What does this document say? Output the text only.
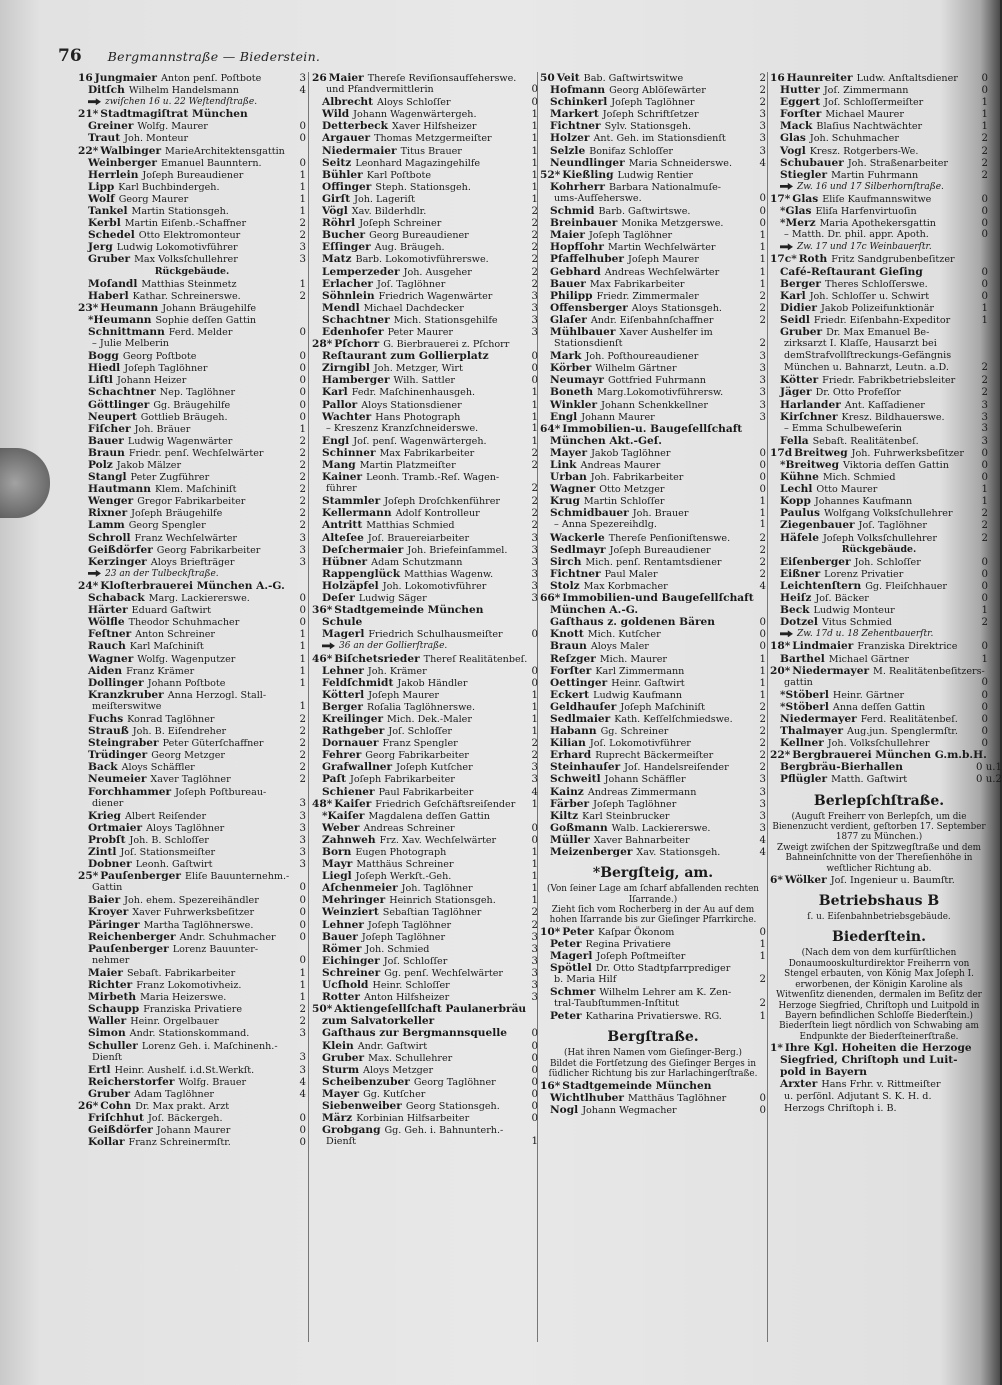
76 Bergmannstraße — Biederstein.
16 Jungmaier Anton penſ. Poſtbote	3
Ditſch Wilhelm Handelsmann	4
zwiſchen 16 u. 22 Weſtendſtraße.
21* Stadtmagiſtrat München
Greiner Wolfg. Maurer	0
Traut Joh. Monteur	0
22* Walbinger MarieArchitektensgattin
Weinberger Emanuel Baunntern.	0
Herrlein Joſeph Bureaudiener	1
Lipp Karl Buchbindergeh.	1
Wolf Georg Maurer	1
Tankel Martin Stationsgeh.	1
Kerbl Martin Eiſenb.-Schaffner	2
Schedel Otto Elektromonteur	2
Jerg Ludwig Lokomotivführer	3
Gruber Max Volksſchullehrer	3
Rückgebäude.
Moſandl Matthias Steinmetz	1
Haberl Kathar. Schreinerswe.	2
23* Heumann Johann Bräugehilfe
*Heumann Sophie deſſen Gattin
Schnittmann Ferd. Melder	0
– Julie Melberin
Bogg Georg Poſtbote	0
Hiedl Joſeph Taglöhner	0
Liſtl Johann Heizer	0
Schachtner Nep. Taglöhner	0
Göttlinger Gg. Bräugehilfe	0
Neupert Gottlieb Bräugeh.	0
Fiſcher Joh. Bräuer	1
Bauer Ludwig Wagenwärter	2
Braun Friedr. penſ. Wechſelwärter	2
Polz Jakob Mälzer	2
Stangl Peter Zugführer	2
Hautmann Klem. Maſchiniſt	2
Wenger Gregor Fabrikarbeiter	2
Rixner Joſeph Bräugehilfe	2
Lamm Georg Spengler	2
Schroll Franz Wechſelwärter	3
Geißdörfer Georg Fabrikarbeiter	3
Kerzinger Aloys Briefträger	3
23 an der Tulbeckſtraße.
24* Kloſterbrauerei München A.-G.
Schaback Marg. Lackiererswe.	0
Härter Eduard Gaſtwirt	0
Wölfle Theodor Schuhmacher	0
Feſtner Anton Schreiner	1
Rauch Karl Maſchiniſt	1
Wagner Wolfg. Wagenputzer	1
Aiden Franz Krämer	1
Dollinger Johann Poſtbote	1
Kranzkruber Anna Herzogl. Stall-
meiſterswitwe	1
Fuchs Konrad Taglöhner	2
Strauß Joh. B. Eiſendreher	2
Steingraber Peter Güterſchaffner	2
Trüdinger Georg Metzger	2
Back Aloys Schäffler	2
Neumeier Xaver Taglöhner	2
Forchhammer Joſeph Poſtbureau-
diener	3
Krieg Albert Reiſender	3
Ortmaier Aloys Taglöhner	3
Probſt Joh. B. Schloſſer	3
Zintl Joſ. Stationsmeiſter	3
Dobner Leonh. Gaſtwirt	3
25* Pauſenberger Eliſe Bauunternehm.-
Gattin	0
Baier Joh. ehem. Spezereihändler	0
Kroyer Xaver Fuhrwerksbeſitzer	0
Päringer Martha Taglöhnerswe.	0
Reichenberger Andr. Schuhmacher	0
Pauſenberger Lorenz Bauunter-
nehmer	0
Maier Sebaſt. Fabrikarbeiter	1
Richter Franz Lokomotivheiz.	1
Mirbeth Maria Heizerswe.	1
Schaupp Franziska Privatiere	2
Waller Heinr. Orgelbauer	2
Simon Andr. Stationskommand.	3
Schuller Lorenz Geh. i. Maſchinenh.-
Dienſt	3
Ertl Heinr. Aushelf. i.d.St.Werkſt.	3
Reicherstorfer Wolfg. Brauer	4
Gruber Adam Taglöhner	4
26* Cohn Dr. Max prakt. Arzt
Friſchhut Joſ. Bäckergeh.	0
Geißdörfer Johann Maurer	0
Kollar Franz Schreinermſtr.	0
26 Maier Thereſe Reviſionsaufſeherswe.
und Pfandvermittlerin	0
Albrecht Aloys Schloſſer	0
Wild Johann Wagenwärtergeh.	1
Detterbeck Xaver Hilfsheizer	1
Argauer Thomas Metzgermeiſter	1
Niedermaier Titus Brauer	1
Seitz Leonhard Magazingehilfe	1
Bühler Karl Poſtbote	1
Offinger Steph. Stationsgeh.	1
Girſt Joh. Lageriſt	1
Vögl Xav. Bilderhdlr.	2
Röhrl Joſeph Schreiner	2
Bucher Georg Bureaudiener	2
Eſſinger Aug. Bräugeh.	2
Matz Barb. Lokomotivführerswe.	2
Lemperzeder Joh. Ausgeher	2
Erlacher Joſ. Taglöhner	2
Söhnlein Friedrich Wagenwärter	3
Mendl Michael Dachdecker	3
Schachtner Mich. Stationsgehilfe	3
Edenhofer Peter Maurer	3
28* Pſchorr G. Bierbrauerei z. Pſchorr
Reſtaurant zum Gollierplatz	0
Zirngibl Joh. Metzger, Wirt	0
Hamberger Wilh. Sattler	0
Karl Fedr. Maſchinenhausgeh.	1
Pallor Aloys Stationsdiener	1
Wachter Hans Photograph	1
– Kreszenz Kranzſchneiderswe.	1
Engl Joſ. penſ. Wagenwärtergeh.	1
Schinner Max Fabrikarbeiter	2
Mang Martin Platzmeiſter	2
Kainer Leonh. Tramb.-Reſ. Wagen-
führer	2
Stammler Joſeph Droſchkenführer	2
Kellermann Adolf Kontrolleur	2
Antritt Matthias Schmied	2
Alteſee Joſ. Brauereiarbeiter	3
Deſchermaier Joh. Briefeinſammel.	3
Hübner Adam Schutzmann	3
Rappenglück Matthias Wagenw.	3
Holzäpfel Joh. Lokomotivführer	3
Deſer Ludwig Säger	3
36* Stadtgemeinde München
Schule
Magerl Friedrich Schulhausmeiſter	0
36 an der Gollierſtraße.
46* Biſchetsrieder Thereſ Realitätenbeſ.
Lehner Joh. Krämer	0
Feldſchmidt Jakob Händler	0
Kötterl Joſeph Maurer	1
Berger Roſalia Taglöhnerswe.	1
Kreilinger Mich. Dek.-Maler	1
Rathgeber Joſ. Schloſſer	1
Dornauer Franz Spengler	2
Fehrer Georg Fabrikarbeiter	2
Grafwallner Joſeph Kutſcher	3
Paſt Joſeph Fabrikarbeiter	3
Schiener Paul Fabrikarbeiter	4
48* Kaiſer Friedrich Geſchäftsreiſender	1
*Kaiſer Magdalena deſſen Gattin
Weber Andreas Schreiner	0
Zahnweh Frz. Xav. Wechſelwärter	0
Born Eugen Photograph	1
Mayr Matthäus Schreiner	1
Liegl Joſeph Werkſt.-Geh.	1
Aſchenmeier Joh. Taglöhner	1
Mehringer Heinrich Stationsgeh.	1
Weinziert Sebaſtian Taglöhner	2
Lehner Joſeph Taglöhner	2
Bauer Joſeph Taglöhner	3
Römer Joh. Schmied	3
Eichinger Joſ. Schloſſer	3
Schreiner Gg. penſ. Wechſelwärter	3
Ucſhold Heinr. Schloſſer	3
Rotter Anton Hilfsheizer	3
50* Aktiengeſellſchaft Paulanerbräu
zum Salvatorkeller
Gaſthaus zur Bergmannsquelle	0
Klein Andr. Gaſtwirt	0
Gruber Max. Schullehrer	0
Sturm Aloys Metzger	0
Scheibenzuber Georg Taglöhner	0
Mayer Gg. Kutſcher	0
Siebenweiber Georg Stationsgeh.	0
März Korbinian Hilfsarbeiter	0
Grobgang Gg. Geh. i. Bahnunterh.-
Dienſt	1
50 Veit Bab. Gaſtwirtswitwe	2
Hofmann Georg Ablöſewärter	2
Schinkerl Joſeph Taglöhner	2
Markert Joſeph Schriftſetzer	3
Fichtner Sylv. Stationsgeh.	3
Holzer Ant. Geh. im Stationsdienſt	3
Selzle Bonifaz Schloſſer	3
Neundlinger Maria Schneiderswe.	4
52* Kießling Ludwig Rentier
Kohrherr Barbara Nationalmuſe-
ums-Aufſeherswe.	0
Schmid Barb. Gaſtwirtswe.	0
Breinbauer Monika Metzgerswe.	0
Maier Joſeph Taglöhner	1
Hopfſohr Martin Wechſelwärter	1
Pfaffelhuber Joſeph Maurer	1
Gebhard Andreas Wechſelwärter	1
Bauer Max Fabrikarbeiter	1
Philipp Friedr. Zimmermaler	2
Offensberger Aloys Stationsgeh.	2
Glaſer Andr. Eiſenbahnſchaffner	2
Mühlbauer Xaver Aushelfer im
Stationsdienſt	2
Mark Joh. Poſthoureaudiener	3
Körber Wilhelm Gärtner	3
Neumayr Gottfried Fuhrmann	3
Boneth Marg.Lokomotivführersw.	3
Winkler Johann Schenkkellner	3
Engl Johann Maurer	3
64* Immobilien-u. Baugeſellſchaft
München Akt.-Geſ.
Mayer Jakob Taglöhner	0
Link Andreas Maurer	0
Urban Joh. Fabrikarbeiter	0
Wagner Otto Metzger	0
Krug Martin Schloſſer	1
Schmidbauer Joh. Brauer	1
– Anna Spezereihdlg.	1
Wackerle Thereſe Penſioniſtenswe.	2
Sedlmayr Joſeph Bureaudiener	2
Sirch Mich. penſ. Rentamtsdiener	2
Fichtner Paul Maler	2
Stolz Max Korbmacher	4
66* Immobilien-und Baugeſellſchaft
München A.-G.
Gaſthaus z. goldenen Bären	0
Knott Mich. Kutſcher	0
Braun Aloys Maler	0
Reſzger Mich. Maurer	1
Forſter Karl Zimmermann	1
Oettinger Heinr. Gaſtwirt	1
Eckert Ludwig Kaufmann	1
Geldhauſer Joſeph Maſchiniſt	2
Sedlmaier Kath. Keſſelſchmiedswe.	2
Habann Gg. Schreiner	2
Kilian Joſ. Lokomotivführer	2
Erhard Ruprecht Bäckermeiſter	2
Steinhauſer Joſ. Handelsreiſender	2
Schweitl Johann Schäffler	3
Kainz Andreas Zimmermann	3
Färber Joſeph Taglöhner	3
Kiltz Karl Steinbrucker	3
Goßmann Walb. Lackiererswe.	3
Müller Xaver Bahnarbeiter	4
Meizenberger Xav. Stationsgeh.	4
*Bergſteig, am.
(Von ſeiner Lage am ſcharf abfallenden rechten Iſarrande.)
Zieht ſich vom Rocherberg in der Au auf dem hohen Iſarrande bis zur Gieſinger Pfarrkirche.
10* Peter Kaſpar Ökonom	0
Peter Regina Privatiere	1
Magerl Joſeph Poſtmeiſter	1
Spötlel Dr. Otto Stadtpfarrprediger
b. Maria Hilf	2
Schmer Wilhelm Lehrer am K. Zen-
tral-Taubſtummen-Inſtitut	2
Peter Katharina Privatierswe. RG.	1
Bergſtraße.
(Hat ihren Namen vom Gieſinger-Berg.)
Bildet die Fortſetzung des Gieſinger Berges in ſüdlicher Richtung bis zur Harlachingerſtraße.
16* Stadtgemeinde München
Wichtlhuber Matthäus Taglöhner	0
Nogl Johann Wegmacher	0
16 Haunreiter Ludw. Anſtaltsdiener	0
Hutter Joſ. Zimmermann	0
Eggert Joſ. Schloſſermeiſter	1
Forſter Michael Maurer	1
Mack Blaſius Nachtwächter	1
Glas Joh. Schuhmacher	2
Vogl Kresz. Rotgerbers-We.	2
Schubauer Joh. Straßenarbeiter	2
Stiegler Martin Fuhrmann	2
Zw. 16 und 17 Silberhornſtraße.
17* Glas Eliſe Kaufmannswitwe	0
*Glas Eliſa Harfenvirtuoſin	0
*Merz Maria Apothekersgattin	0
– Matth. Dr. phil. appr. Apoth.	0
Zw. 17 und 17c Weinbauerſtr.
17c* Roth Fritz Sandgrubenbeſitzer
Café-Reſtaurant Gieſing	0
Berger Theres Schloſſerswe.	0
Karl Joh. Schloſſer u. Schwirt	0
Didier Jakob Polizeifunktionär	1
Seidl Friedr. Eiſenbahn-Expeditor	1
Gruber Dr. Max Emanuel Be-
zirksarzt I. Klaſſe, Hausarzt bei
demStrafvollſtreckungs-Gefängnis
München u. Bahnarzt, Leutn. a.D.	2
Kötter Friedr. Fabrikbetriebsleiter	2
Jäger Dr. Otto Profeſſor	2
Harlander Ant. Kaſſadiener	3
Kirſchner Kresz. Bildhauerswe.	3
– Emma Schulbeweſerin	3
Fella Sebaſt. Realitätenbeſ.	3
17d Breitweg Joh. Fuhrwerksbeſitzer	0
*Breitweg Viktoria deſſen Gattin	0
Kühne Mich. Schmied	0
Lechl Otto Maurer	1
Kopp Johannes Kaufmann	1
Paulus Wolfgang Volksſchullehrer	2
Ziegenbauer Joſ. Taglöhner	2
Häfele Joſeph Volksſchullehrer	2
Rückgebäude.
Eiſenberger Joh. Schloſſer	0
Eißner Lorenz Privatier	0
Leichtenſtern Gg. Fleiſchhauer	0
Heiſz Joſ. Bäcker	0
Beck Ludwig Monteur	1
Dotzel Vitus Schmied	2
Zw. 17d u. 18 Zehentbauerſtr.
18* Lindmaier Franziska Direktrice	0
Barthel Michael Gärtner	1
20* Niedermayer M. Realitätenbeſitzers-
gattin	0
*Stöberl Heinr. Gärtner	0
*Stöberl Anna deſſen Gattin	0
Niedermayer Ferd. Realitätenbeſ.	0
Thalmayer Aug.jun. Spenglermſtr.	0
Kellner Joh. Volksſchullehrer	0
22* Bergbrauerei München G.m.b.H.
Bergbräu-Bierhallen	0 u.1
Pflügler Matth. Gaſtwirt	0 u.2
Berlepſchſtraße.
(Auguſt Freiherr von Berlepſch, um die Bienenzucht verdient, geſtorben 17. September 1877 zu München.)
Zweigt zwiſchen der Spitzwegſtraße und dem Bahneinſchnitte von der Thereſienhöhe in weſtlicher Richtung ab.
6* Wölker Joſ. Ingenieur u. Baumſtr.
Betriebshaus B
ſ. u. Eiſenbahnbetriebsgebäude.
Biederſtein.
(Nach dem von dem kurfürſtlichen Donaumooskulturdirektor Freiherrn von Stengel erbauten, von König Max Joſeph I. erworbenen, der Königin Karoline als Witwenſitz dienenden, dermalen im Beſitz der Herzoge Siegfried, Chriſtoph und Luitpold in Bayern befindlichen Schloſſe Biederſtein.)
Biederſtein liegt nördlich von Schwabing am Endpunkte der Biederſteinerſtraße.
1* Ihre Kgl. Hoheiten die Herzoge
Siegfried, Chriſtoph und Luit-
pold in Bayern
Arxter Hans Frhr. v. Rittmeiſter
u. perſönl. Adjutant S. K. H. d.
Herzogs Chriſtoph i. B.
